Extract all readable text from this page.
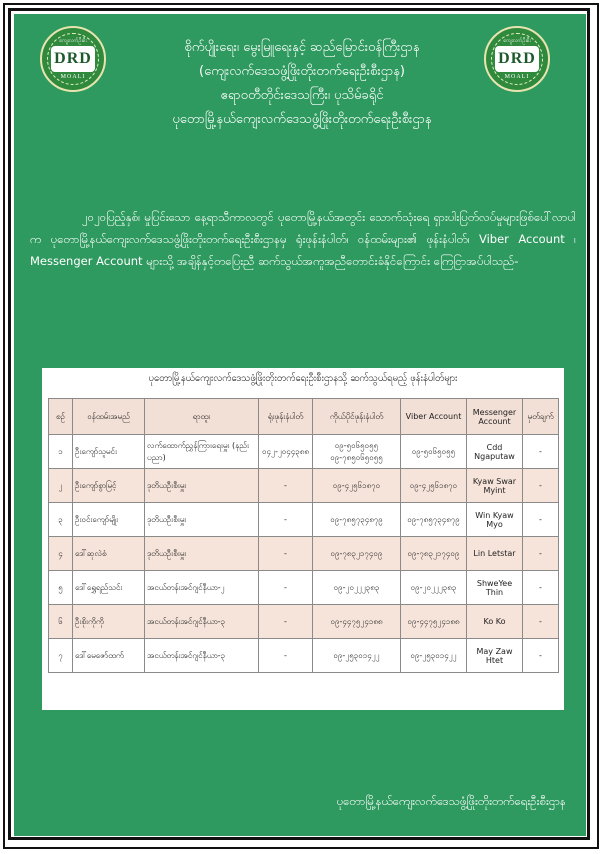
ကျေးလက်ဦးစီး
DRD
MOALI
ကျေးလက်ဦးစီး
DRD
MOALI
စိုက်ပျိုးရေး၊ မွေးမြူရေးနှင့် ဆည်မြောင်းဝန်ကြီးဌာန
(ကျေးလက်ဒေသဖွံ့ဖြိုးတိုးတက်ရေးဦးစီးဌာန)
ဧရာဝတီတိုင်းဒေသကြီး၊ ပုသိမ်ခရိုင်
ပုတောမြို့နယ်ကျေးလက်ဒေသဖွံ့ဖြိုးတိုးတက်ရေးဦးစီးဌာန
၂၀၂၀ပြည့်နှစ်၊ မှုပြင်းသော နေ့ရာသီကာလတွင် ပုတောမြို့နယ်အတွင်း သောက်သုံးရေ ရှားပါးပြတ်လပ်မှုများဖြစ်ပေါ်လာပါက ပုတောမြို့နယ်ကျေးလက်ဒေသဖွံ့ဖြိုးတိုးတက်ရေးဦးစီးဌာနမှ ရုံးဖုန်းနံပါတ်၊ ဝန်ထမ်းများ၏ ဖုန်းနံပါတ်၊ Viber Account ၊ Messenger Account များသို့ အချိန်နှင့်တပြေးညီ ဆက်သွယ်အကူအညီတောင်းခံနိုင်ကြောင်း ကြေငြာအပ်ပါသည်-
ပုတောမြို့နယ်ကျေးလက်ဒေသဖွံ့ဖြိုးတိုးတက်ရေးဦးစီးဌာနသို့ ဆက်သွယ်ရမည့် ဖုန်းနံပါတ်များ
စဉ်	ဝန်ထမ်းအမည်	ရာထူး	ရုံးဖုန်းနံပါတ်	ကိုယ်ပိုင်ဖုန်းနံပါတ်	Viber Account	Messenger Account	မှတ်ချက်
၁	ဦးကျော်သူမင်း	လက်ထောက်ညွှန်ကြားရေးမှူး (နည်းပညာ)	၀၄၂-၂၀၄၄၃၈၈	၀၉-၅၀၆၅၀၅၅ ၀၉-၇၈၅၀၆၅၀၅၅	၀၉-၅၀၆၅၀၅၅	Cdd Ngaputaw	-
၂	ဦးကျော်စွာမြင့်	ဒုတိယဦးစီးမှူး	-	၀၉-၄၂၅၆၁၈၇၀	၀၉-၄၂၅၆၁၈၇၀	Kyaw Swar Myint	-
၃	ဦးဝင်းကျော်မျိုး	ဒုတိယဦးစီးမှူး	-	၀၉-၇၈၅၇၃၄၈၇၉	၀၉-၇၈၅၇၃၄၈၇၉	Win Kyaw Myo	-
၄	ဒေါ်ဆုလဲစံ	ဒုတိယဦးစီးမှူး	-	၀၉-၇၈၃၂၁၇၄၀၉	၀၉-၇၈၃၂၁၇၄၀၉	Lin Letstar	-
၅	ဒေါ်ရွှေရည်သင်း	အငယ်တန်းအင်ဂျင်နီယာ-၂	-	၀၉-၂၀၂၂၂၃၈၃	၀၉-၂၀၂၂၂၃၈၃	ShweYee Thin	-
၆	ဦးစိုးကိုကို	အငယ်တန်းအင်ဂျင်နီယာ-၃	-	၀၉-၄၄၇၅၂၄၁၈၈	၀၉-၄၄၇၅၂၄၁၈၈	Ko Ko	-
၇	ဒေါ်မေဇော်ထက်	အငယ်တန်းအင်ဂျင်နီယာ-၃	-	၀၉-၂၅၃၀၁၄၂၂	၀၉-၂၅၃၀၁၄၂၂	May Zaw Htet	-
ပုတောမြို့နယ်ကျေးလက်ဒေသဖွံ့ဖြိုးတိုးတက်ရေးဦးစီးဌာန
